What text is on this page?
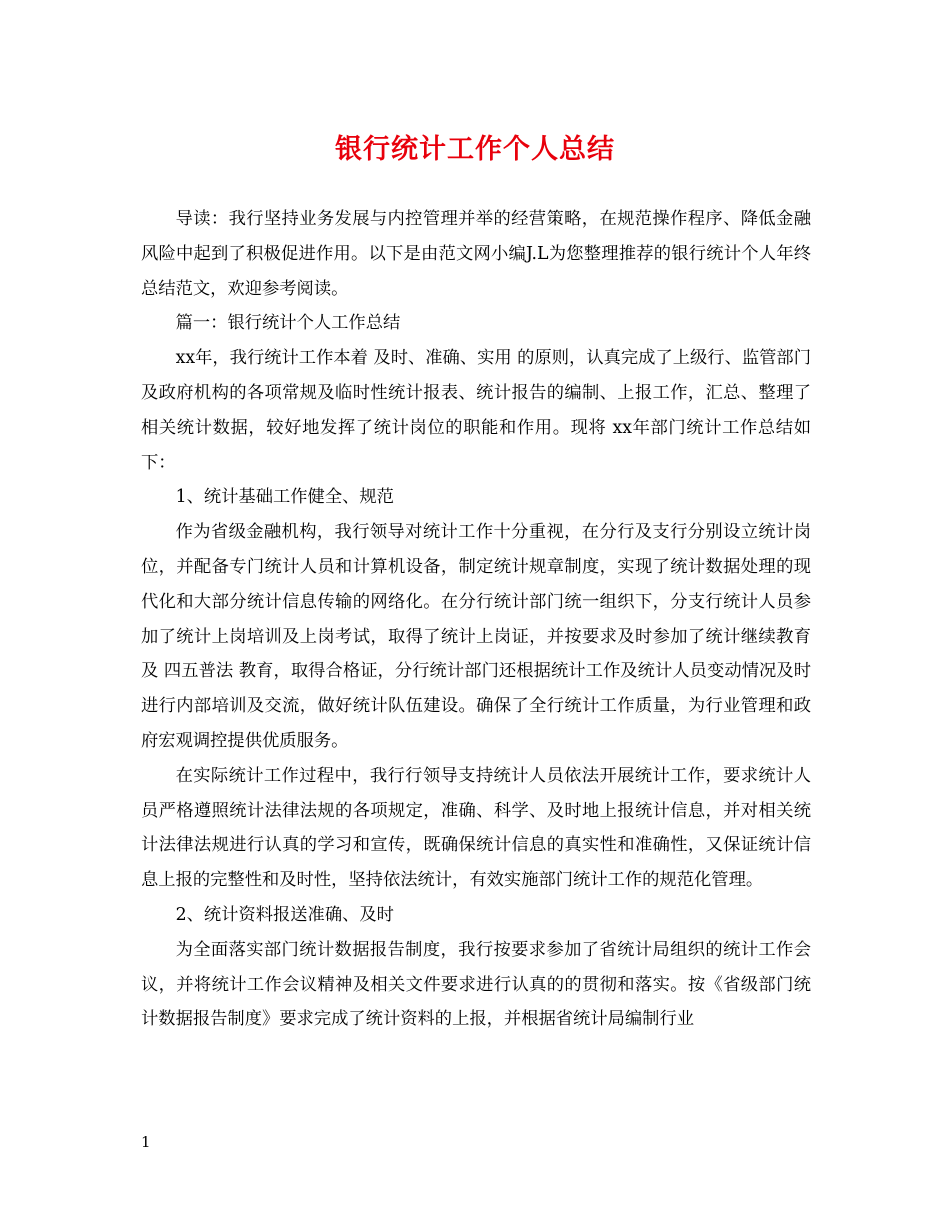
银行统计工作个人总结

导读：我行坚持业务发展与内控管理并举的经营策略，在规范操作程序、降低金融风险中起到了积极促进作用。以下是由范文网小编J.L为您整理推荐的银行统计个人年终总结范文，欢迎参考阅读。

篇一：银行统计个人工作总结

xx年，我行统计工作本着 及时、准确、实用 的原则，认真完成了上级行、监管部门及政府机构的各项常规及临时性统计报表、统计报告的编制、上报工作，汇总、整理了相关统计数据，较好地发挥了统计岗位的职能和作用。现将 xx年部门统计工作总结如下：

1、统计基础工作健全、规范

作为省级金融机构，我行领导对统计工作十分重视，在分行及支行分别设立统计岗位，并配备专门统计人员和计算机设备，制定统计规章制度，实现了统计数据处理的现代化和大部分统计信息传输的网络化。在分行统计部门统一组织下，分支行统计人员参加了统计上岗培训及上岗考试，取得了统计上岗证，并按要求及时参加了统计继续教育及 四五普法 教育，取得合格证，分行统计部门还根据统计工作及统计人员变动情况及时进行内部培训及交流，做好统计队伍建设。确保了全行统计工作质量，为行业管理和政府宏观调控提供优质服务。

在实际统计工作过程中，我行行领导支持统计人员依法开展统计工作，要求统计人员严格遵照统计法律法规的各项规定，准确、科学、及时地上报统计信息，并对相关统计法律法规进行认真的学习和宣传，既确保统计信息的真实性和准确性，又保证统计信息上报的完整性和及时性，坚持依法统计，有效实施部门统计工作的规范化管理。

2、统计资料报送准确、及时

为全面落实部门统计数据报告制度，我行按要求参加了省统计局组织的统计工作会议，并将统计工作会议精神及相关文件要求进行认真的的贯彻和落实。按《省级部门统计数据报告制度》要求完成了统计资料的上报，并根据省统计局编制行业

1
